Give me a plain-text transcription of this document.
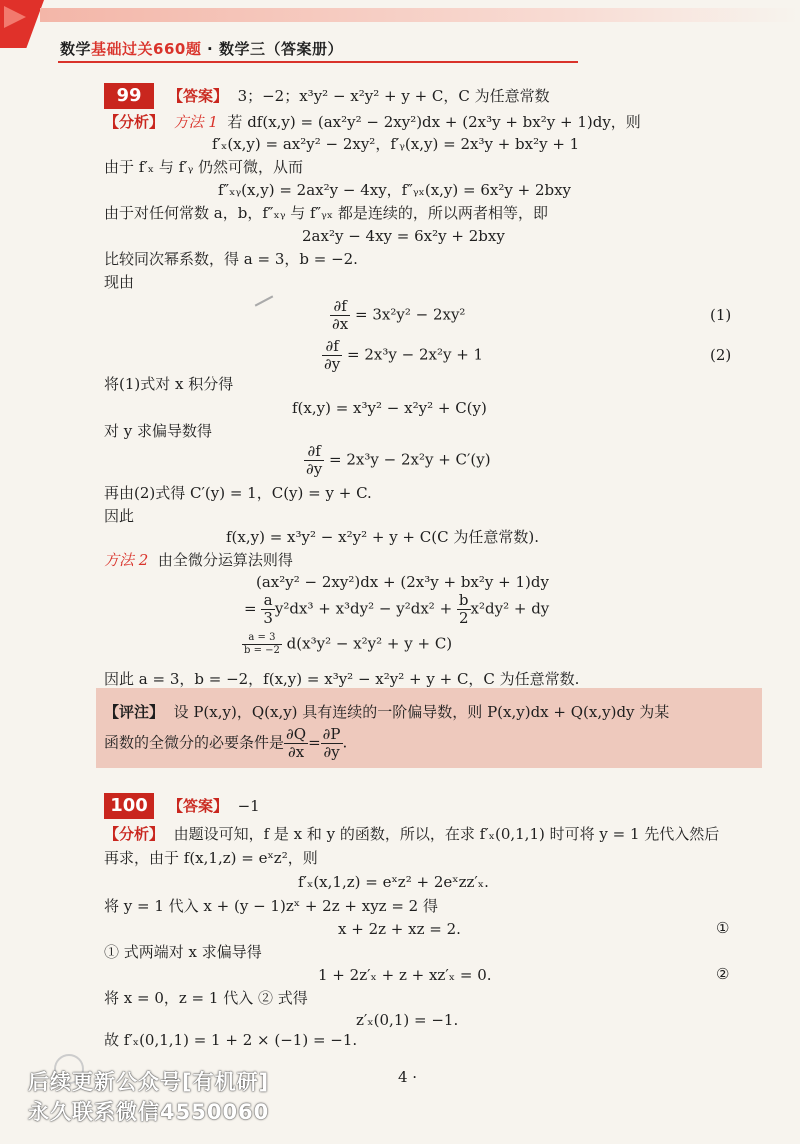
数学基础过关660题 · 数学三（答案册）
99	【答案】 3；−2；x³y² − x²y² + y + C，C 为任意常数
【分析】 方法 1 若 df(x,y) = (ax²y² − 2xy²)dx + (2x³y + bx²y + 1)dy，则
f′ₓ(x,y) = ax²y² − 2xy²，f′ᵧ(x,y) = 2x³y + bx²y + 1
由于 f′ₓ 与 f′ᵧ 仍然可微，从而
f″ₓᵧ(x,y) = 2ax²y − 4xy，f″ᵧₓ(x,y) = 6x²y + 2bxy
由于对任何常数 a，b，f″ₓᵧ 与 f″ᵧₓ 都是连续的，所以两者相等，即
2ax²y − 4xy = 6x²y + 2bxy
比较同次幂系数，得 a = 3，b = −2.
现由
$\frac{\partial f}{\partial x} = 3x^2y^2 - 2xy^2$	(1)
$\frac{\partial f}{\partial y} = 2x^3y - 2x^2y + 1$	(2)
将(1)式对 x 积分得
f(x,y) = x³y² − x²y² + C(y)
对 y 求偏导数得
$\frac{\partial f}{\partial y} = 2x^3y - 2x^2y + C'(y)$
再由(2)式得 C′(y) = 1，C(y) = y + C.
因此
f(x,y) = x³y² − x²y² + y + C(C 为任意常数).
方法 2 由全微分运算法则得
(ax²y² − 2xy²)dx + (2x³y + bx²y + 1)dy
= $\frac{a}{3} y^2dx^3 + x^3dy^2 - y^2dx^2 + \frac{b}{2} x^2dy^2$ + dy
$\frac{a = 3}{b = -2} d(x^3y^2 - x^2y^2 + y + C)$
因此 a = 3，b = −2，f(x,y) = x³y² − x²y² + y + C，C 为任意常数.
【评注】 设 P(x,y)，Q(x,y) 具有连续的一阶偏导数，则 P(x,y)dx + Q(x,y)dy 为某
函数的全微分的必要条件是 $\frac{\partial Q}{\partial x} = \frac{\partial P}{\partial y}$ .
100	【答案】 −1
【分析】 由题设可知，f 是 x 和 y 的函数，所以，在求 f′ₓ(0,1,1) 时可将 y = 1 先代入然后
再求，由于 f(x,1,z) = eˣz²，则
f′ₓ(x,1,z) = eˣz² + 2eˣzz′ₓ.
将 y = 1 代入 x + (y − 1)zˣ + 2z + xyz = 2 得
x + 2z + xz = 2.	①
① 式两端对 x 求偏导得
1 + 2z′ₓ + z + xz′ₓ = 0.	②
将 x = 0，z = 1 代入 ② 式得
z′ₓ(0,1) = −1.
故 f′ₓ(0,1,1) = 1 + 2 × (−1) = −1.
4 ·
后续更新公众号[有机研]
永久联系微信4550060
